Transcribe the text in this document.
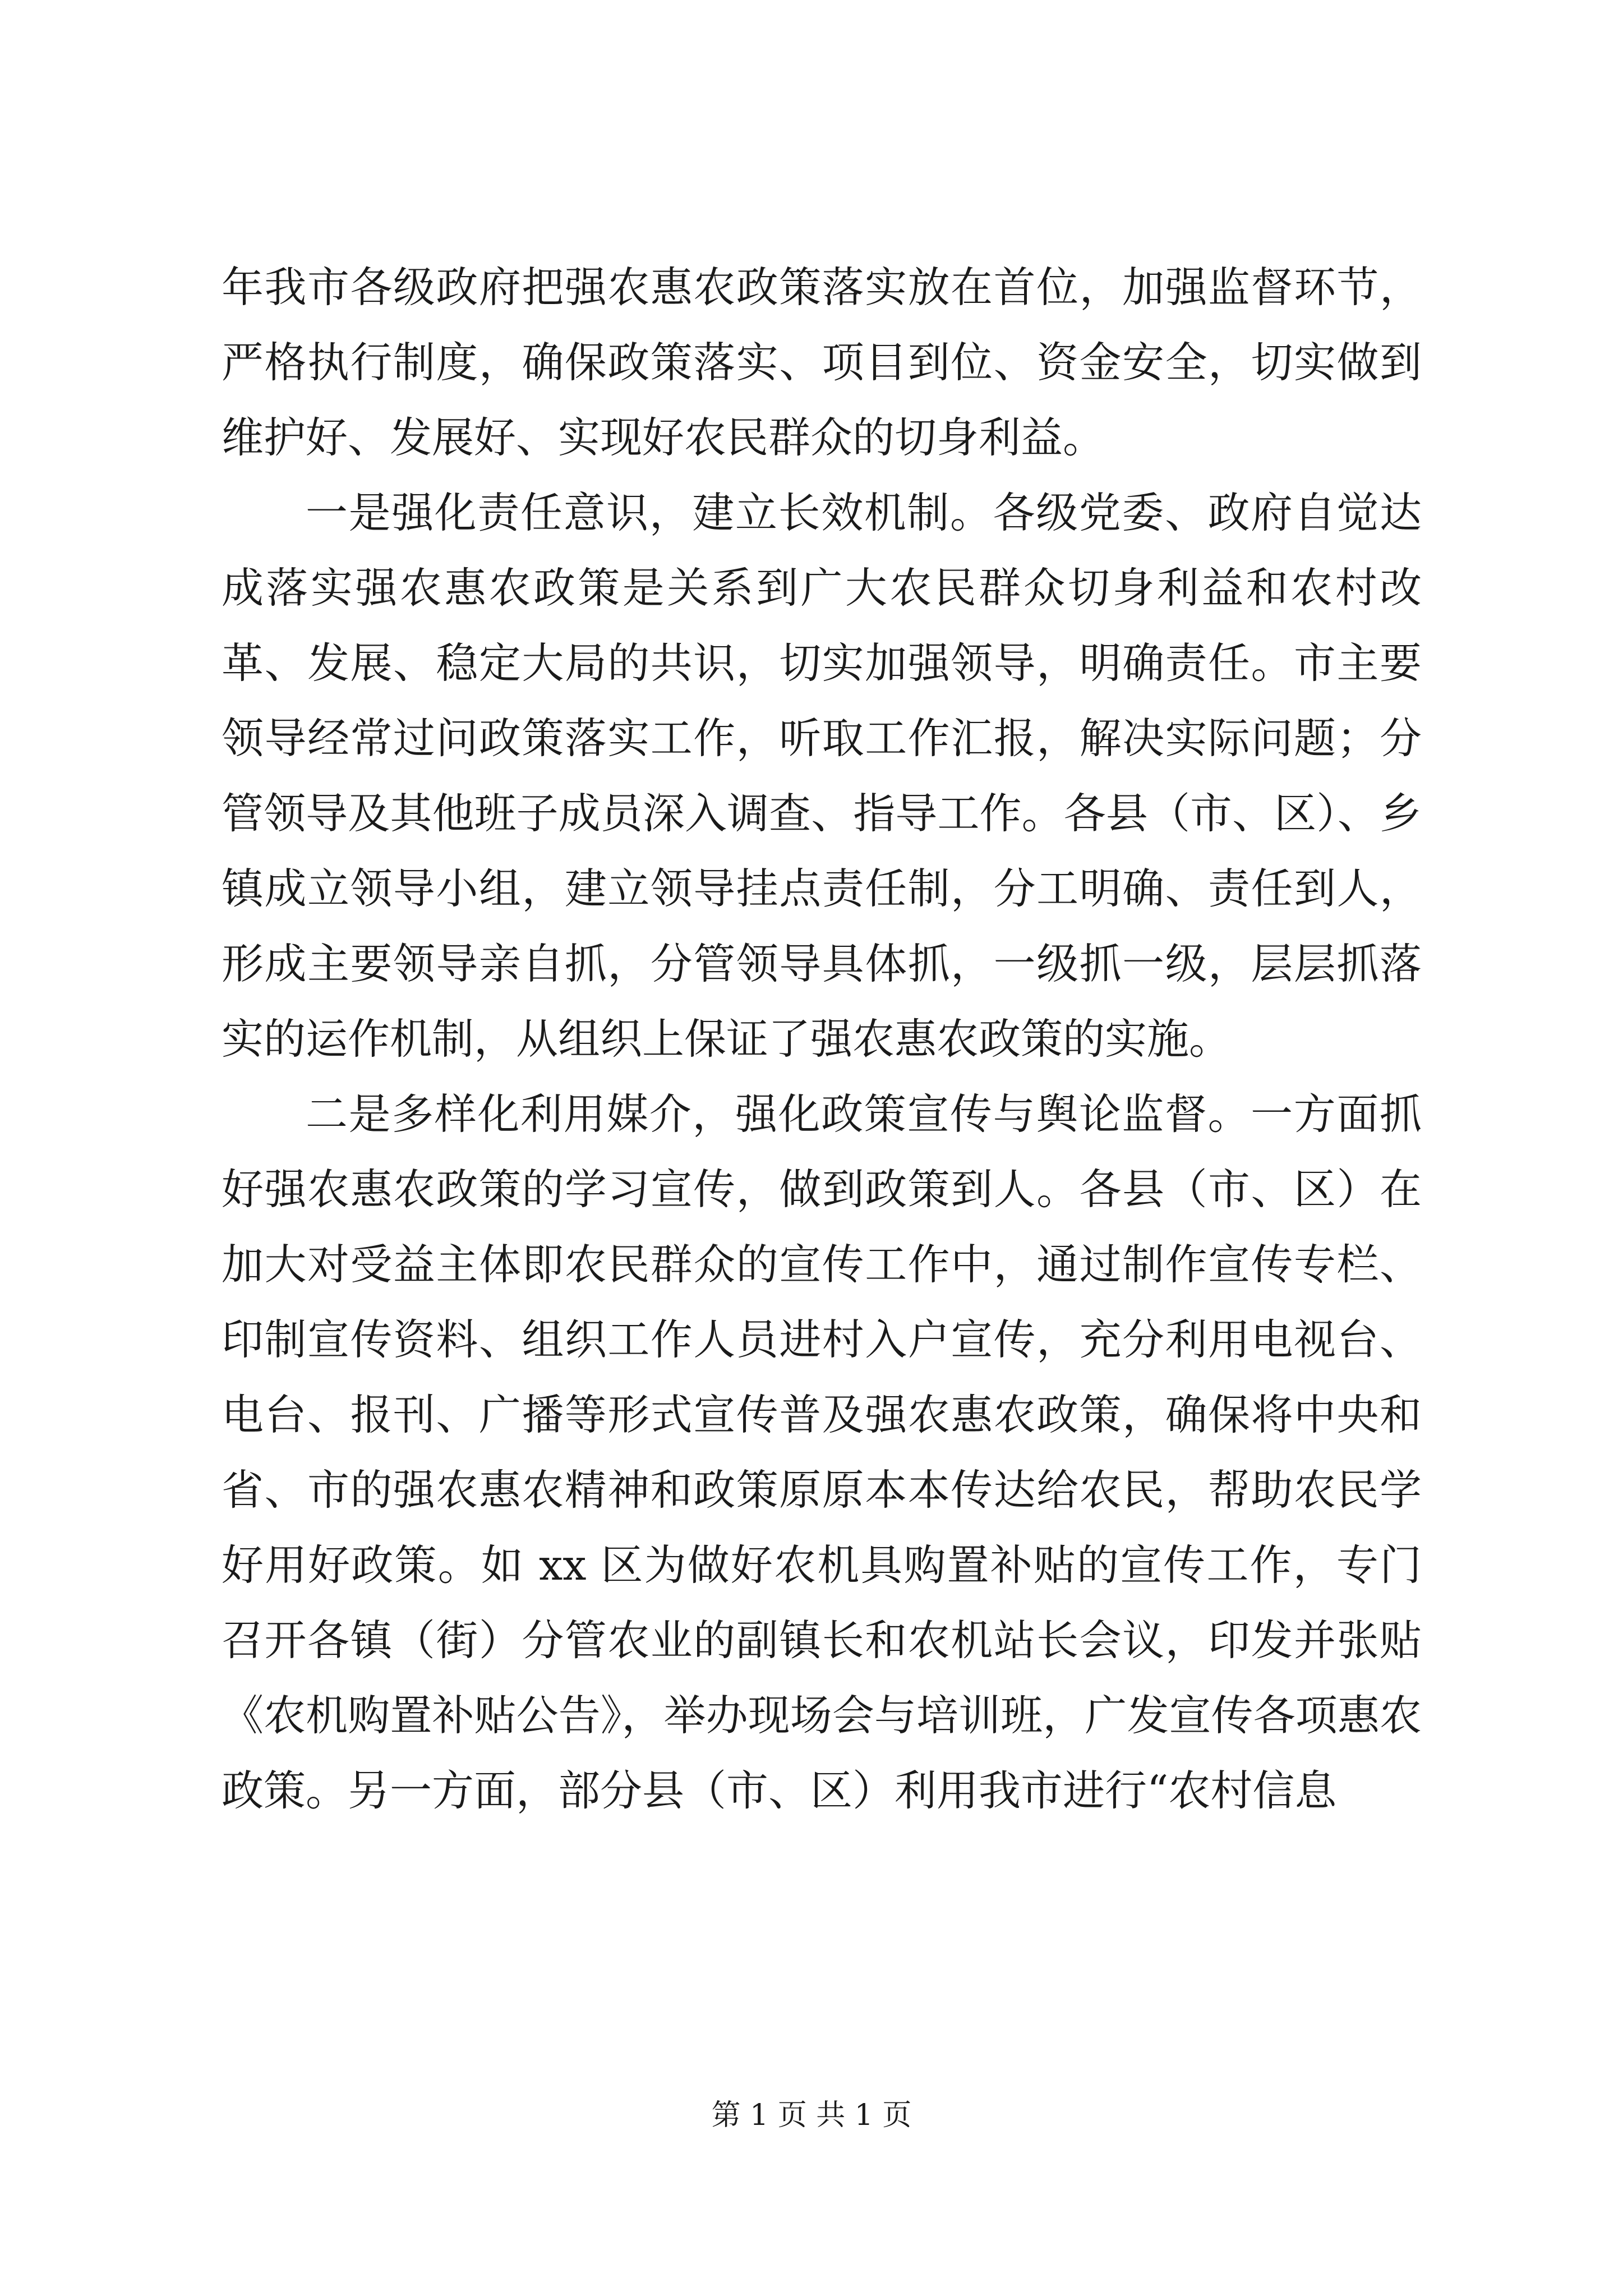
年我市各级政府把强农惠农政策落实放在首位，加强监督环节，严格执行制度，确保政策落实、项目到位、资金安全，切实做到维护好、发展好、实现好农民群众的切身利益。

一是强化责任意识，建立长效机制。各级党委、政府自觉达成落实强农惠农政策是关系到广大农民群众切身利益和农村改革、发展、稳定大局的共识，切实加强领导，明确责任。市主要领导经常过问政策落实工作，听取工作汇报，解决实际问题；分管领导及其他班子成员深入调查、指导工作。各县（市、区）、乡镇成立领导小组，建立领导挂点责任制，分工明确、责任到人，形成主要领导亲自抓，分管领导具体抓，一级抓一级，层层抓落实的运作机制，从组织上保证了强农惠农政策的实施。

二是多样化利用媒介，强化政策宣传与舆论监督。一方面抓好强农惠农政策的学习宣传，做到政策到人。各县（市、区）在加大对受益主体即农民群众的宣传工作中，通过制作宣传专栏、印制宣传资料、组织工作人员进村入户宣传，充分利用电视台、电台、报刊、广播等形式宣传普及强农惠农政策，确保将中央和省、市的强农惠农精神和政策原原本本传达给农民，帮助农民学好用好政策。如 xx 区为做好农机具购置补贴的宣传工作，专门召开各镇（街）分管农业的副镇长和农机站长会议，印发并张贴《农机购置补贴公告》，举办现场会与培训班，广发宣传各项惠农政策。另一方面，部分县（市、区）利用我市进行“农村信息

第 1 页 共 1 页
